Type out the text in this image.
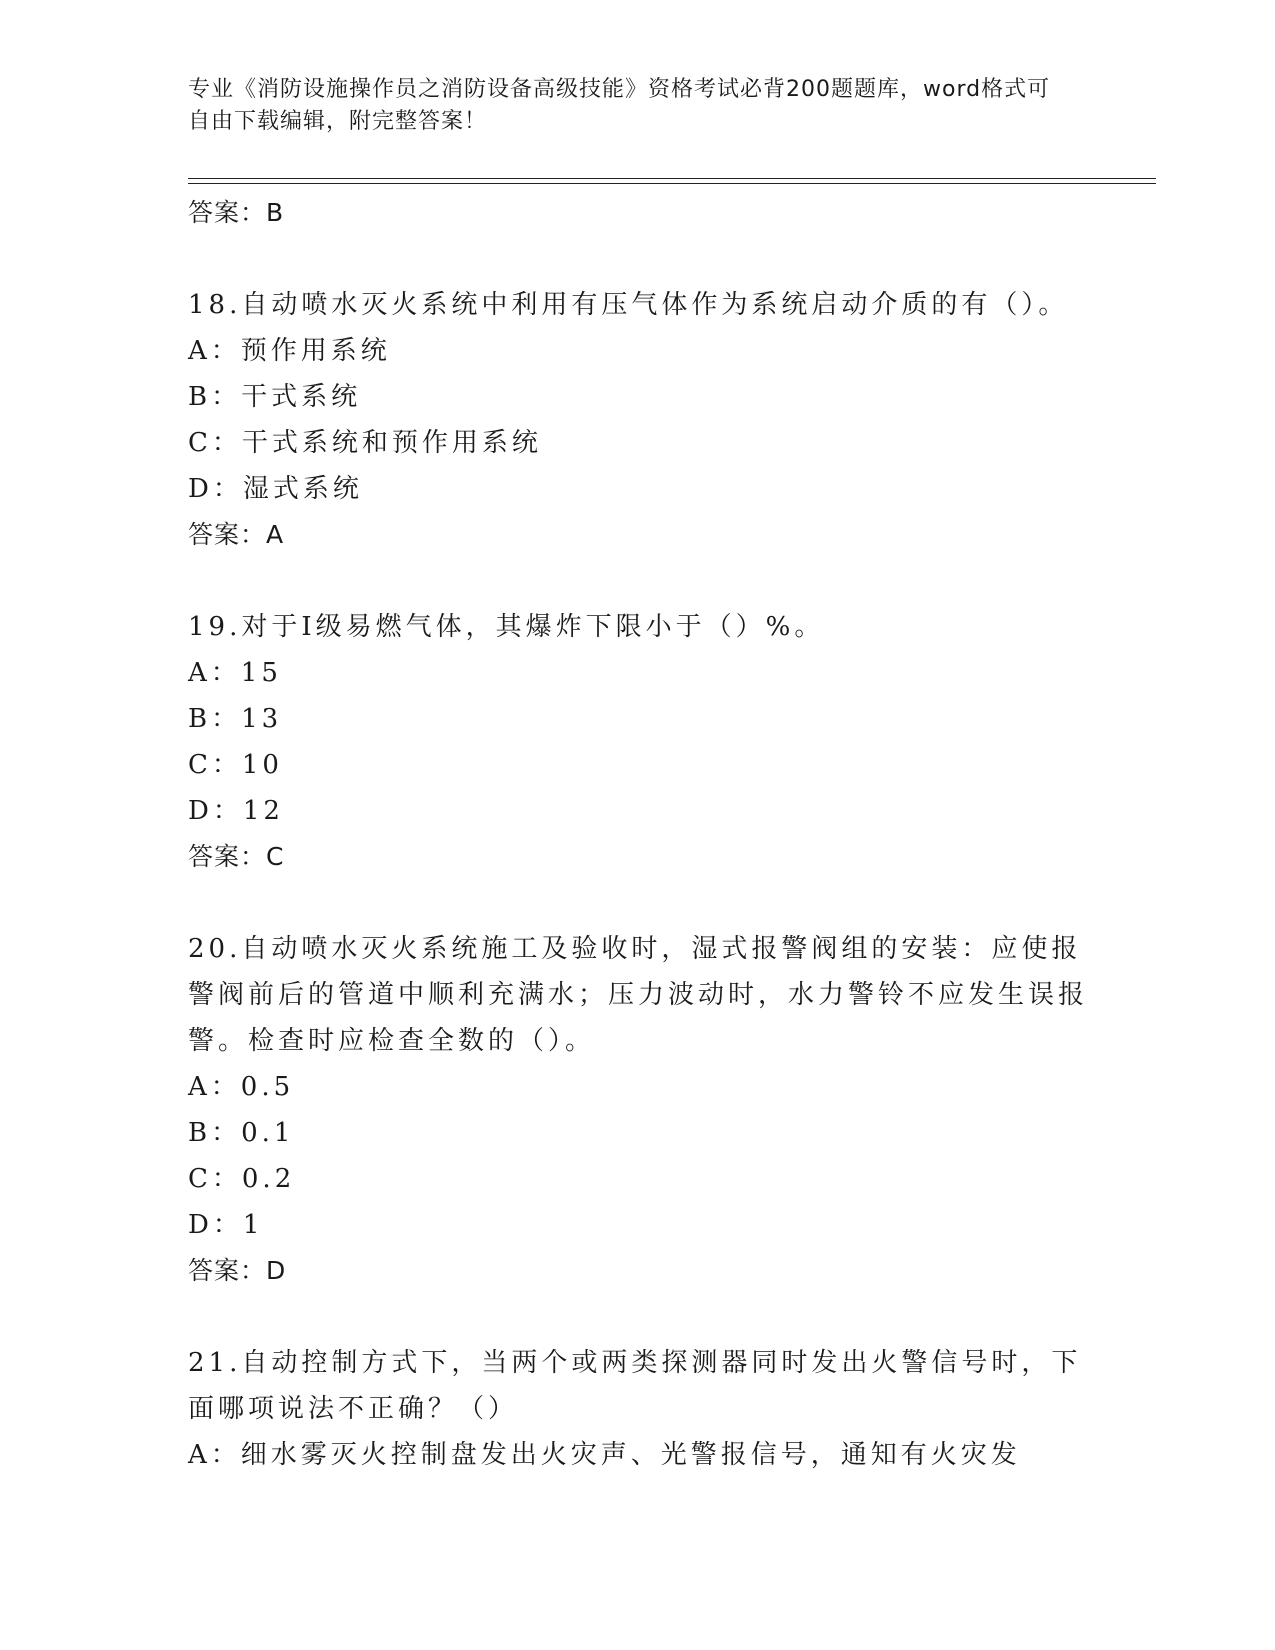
专业《消防设施操作员之消防设备高级技能》资格考试必背200题题库，word格式可自由下载编辑，附完整答案！
答案：B
18.自动喷水灭火系统中利用有压气体作为系统启动介质的有（）。
A：预作用系统
B：干式系统
C：干式系统和预作用系统
D：湿式系统
答案：A
19.对于Ⅰ级易燃气体，其爆炸下限小于（）%。
A：15
B：13
C：10
D：12
答案：C
20.自动喷水灭火系统施工及验收时，湿式报警阀组的安装：应使报警阀前后的管道中顺利充满水；压力波动时，水力警铃不应发生误报警。检查时应检查全数的（）。
A：0.5
B：0.1
C：0.2
D：1
答案：D
21.自动控制方式下，当两个或两类探测器同时发出火警信号时，下面哪项说法不正确？（）
A：细水雾灭火控制盘发出火灾声、光警报信号，通知有火灾发
